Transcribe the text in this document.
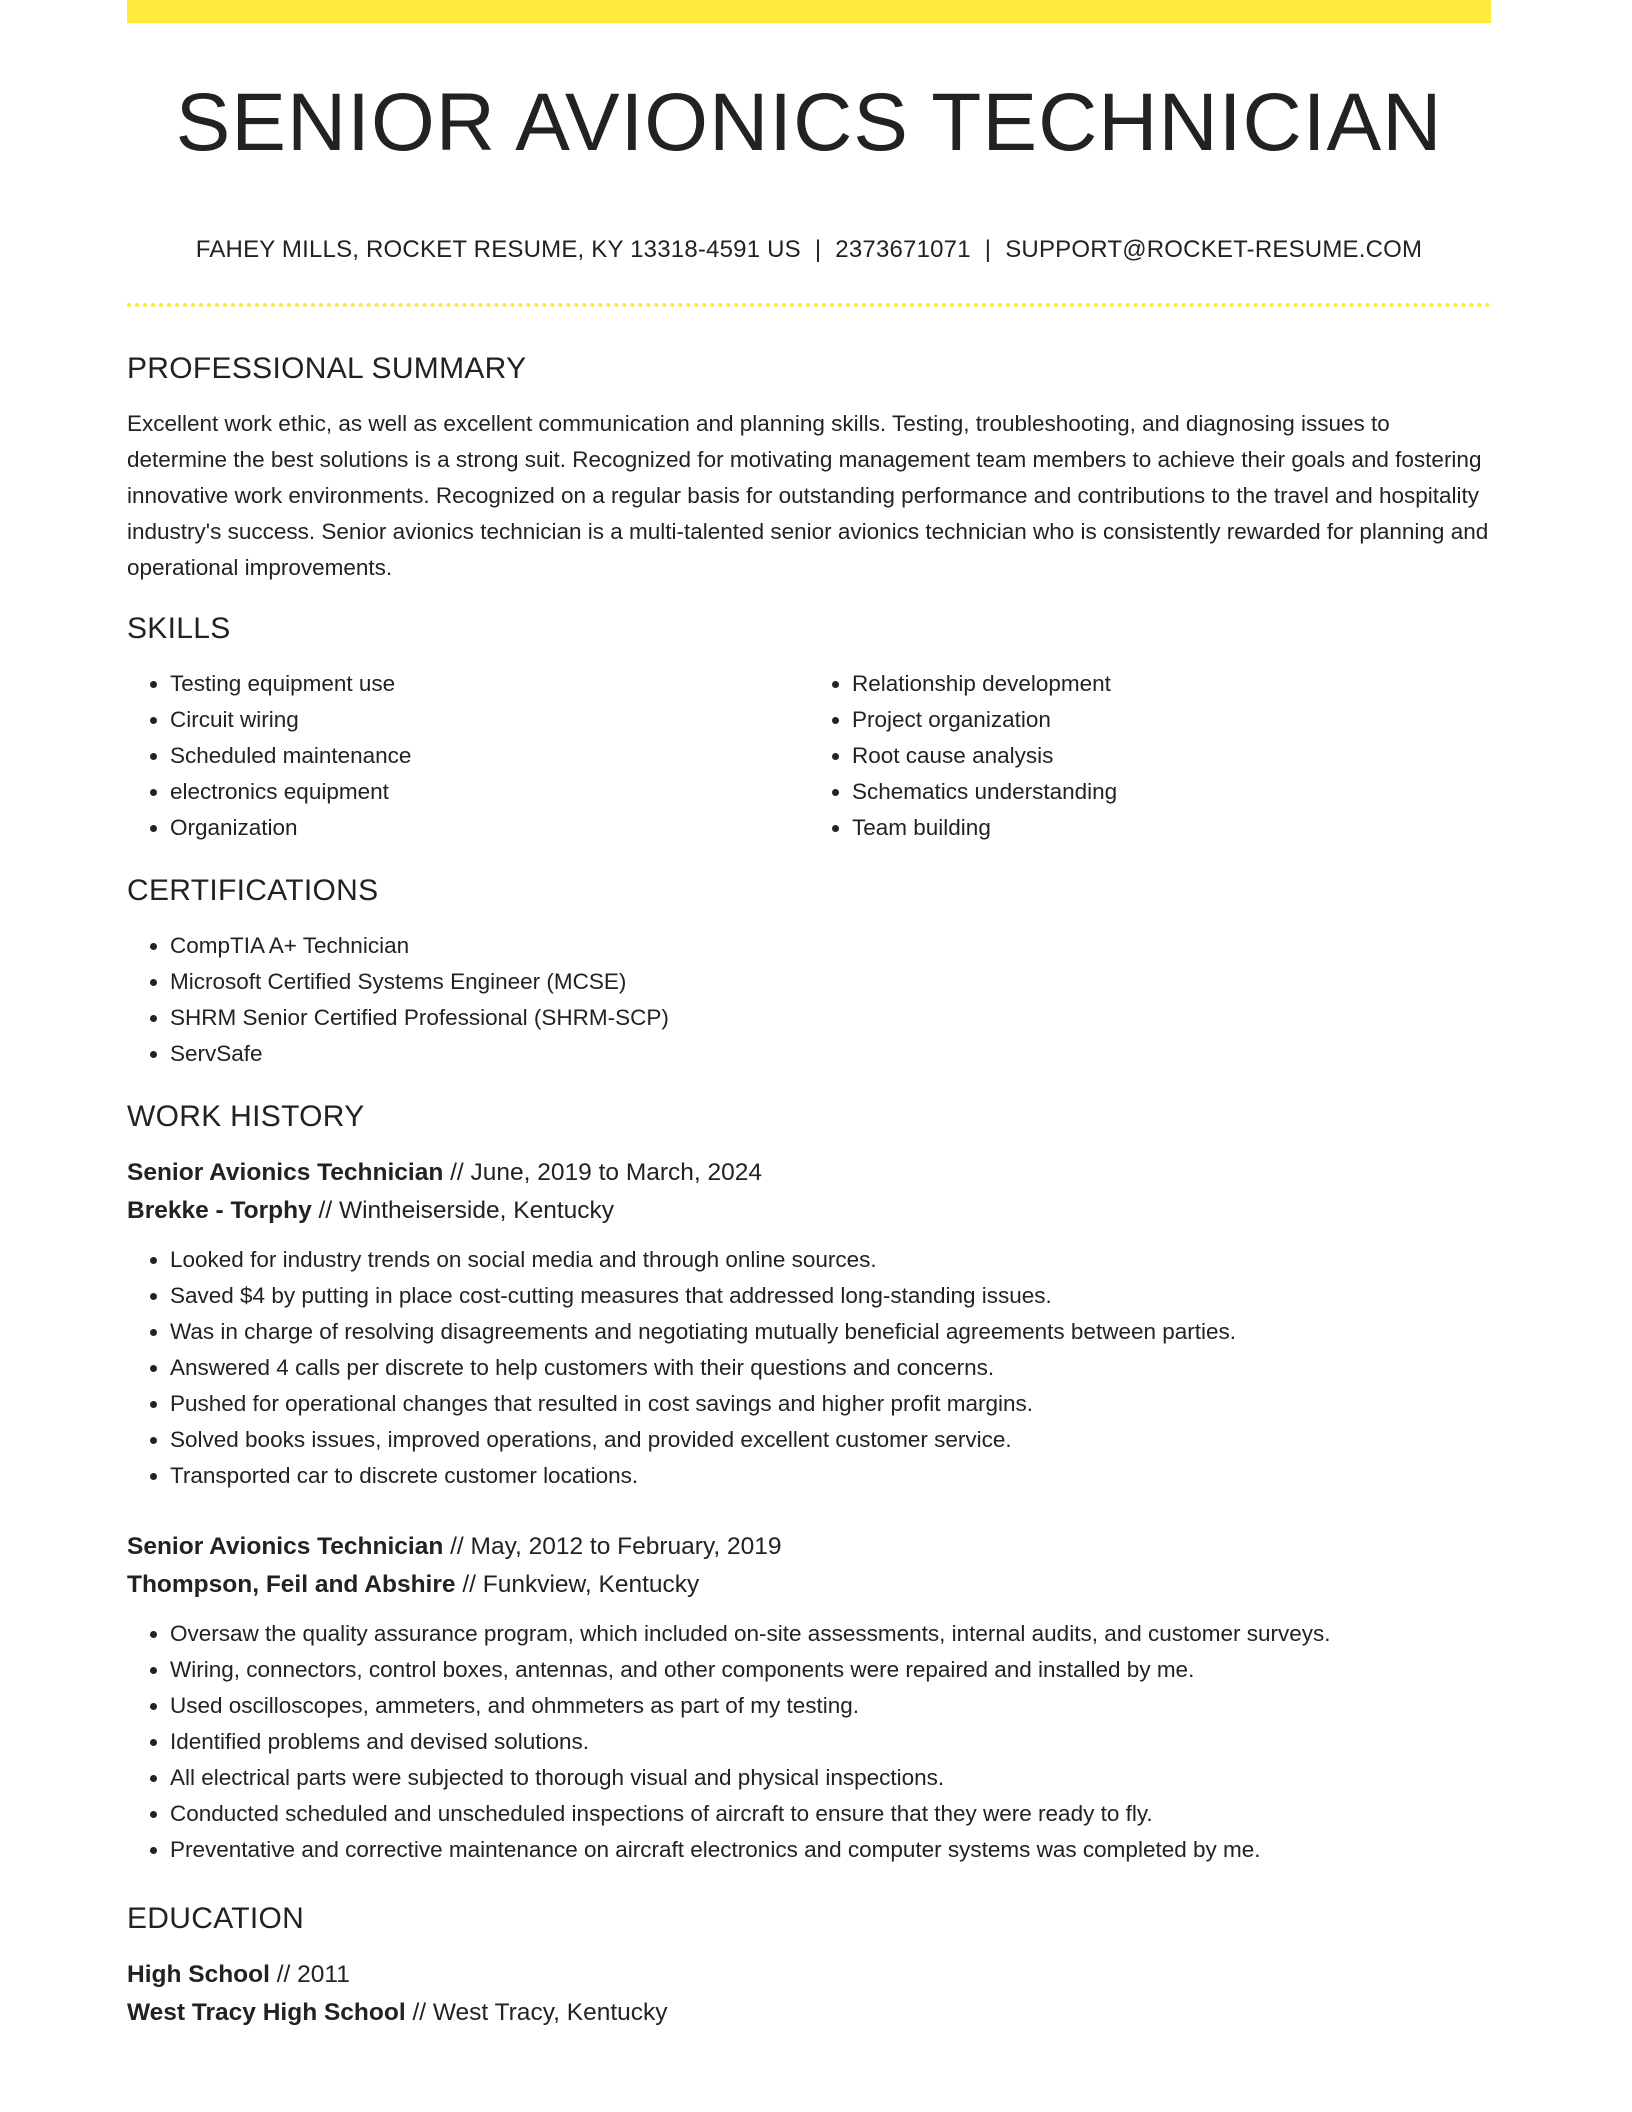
SENIOR AVIONICS TECHNICIAN
FAHEY MILLS, ROCKET RESUME, KY 13318-4591 US | 2373671071 | SUPPORT@ROCKET-RESUME.COM
PROFESSIONAL SUMMARY

Excellent work ethic, as well as excellent communication and planning skills. Testing, troubleshooting, and diagnosing issues to determine the best solutions is a strong suit. Recognized for motivating management team members to achieve their goals and fostering innovative work environments. Recognized on a regular basis for outstanding performance and contributions to the travel and hospitality industry's success. Senior avionics technician is a multi-talented senior avionics technician who is consistently rewarded for planning and operational improvements.

SKILLS
• Testing equipment use
• Circuit wiring
• Scheduled maintenance
• electronics equipment
• Organization
• Relationship development
• Project organization
• Root cause analysis
• Schematics understanding
• Team building
CERTIFICATIONS
• CompTIA A+ Technician
• Microsoft Certified Systems Engineer (MCSE)
• SHRM Senior Certified Professional (SHRM-SCP)
• ServSafe
WORK HISTORY
Senior Avionics Technician // June, 2019 to March, 2024
Brekke - Torphy // Wintheiserside, Kentucky
• Looked for industry trends on social media and through online sources.
• Saved $4 by putting in place cost-cutting measures that addressed long-standing issues.
• Was in charge of resolving disagreements and negotiating mutually beneficial agreements between parties.
• Answered 4 calls per discrete to help customers with their questions and concerns.
• Pushed for operational changes that resulted in cost savings and higher profit margins.
• Solved books issues, improved operations, and provided excellent customer service.
• Transported car to discrete customer locations.
Senior Avionics Technician // May, 2012 to February, 2019
Thompson, Feil and Abshire // Funkview, Kentucky
• Oversaw the quality assurance program, which included on-site assessments, internal audits, and customer surveys.
• Wiring, connectors, control boxes, antennas, and other components were repaired and installed by me.
• Used oscilloscopes, ammeters, and ohmmeters as part of my testing.
• Identified problems and devised solutions.
• All electrical parts were subjected to thorough visual and physical inspections.
• Conducted scheduled and unscheduled inspections of aircraft to ensure that they were ready to fly.
• Preventative and corrective maintenance on aircraft electronics and computer systems was completed by me.
EDUCATION
High School // 2011
West Tracy High School // West Tracy, Kentucky
